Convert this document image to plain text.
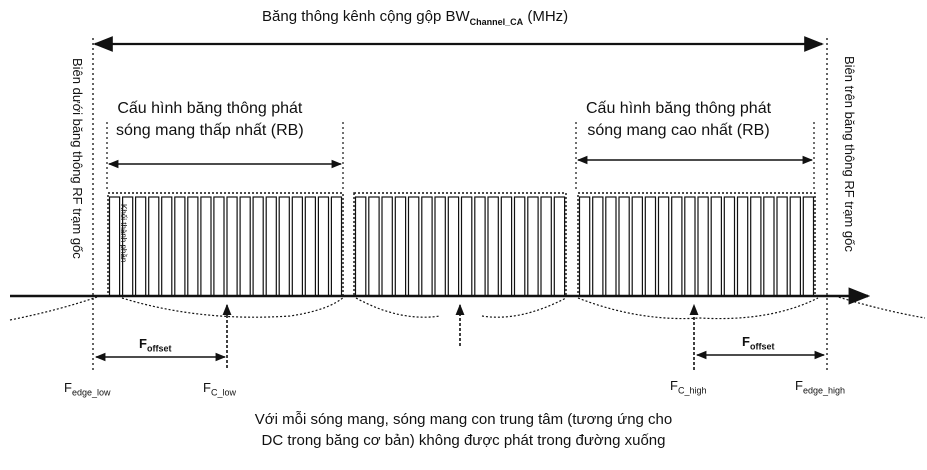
Băng thông kênh cộng gộp $BW_{Channel\_CA}$ (MHz)
Biên dưới băng thông RF trạm gốc	Biên trên băng thông RF trạm gốc
Cấu hình băng thông phát
sóng mang thấp nhất (RB)
Cấu hình băng thông phát
sóng mang cao nhất (RB)
Khối thành phần
$F_{offset}$	$F_{offset}$
$F_{edge\_low}$	$F_{C\_low}$	$F_{C\_high}$	$F_{edge\_high}$
Với mỗi sóng mang, sóng mang con trung tâm (tương ứng cho
DC trong băng cơ bản) không được phát trong đường xuống
